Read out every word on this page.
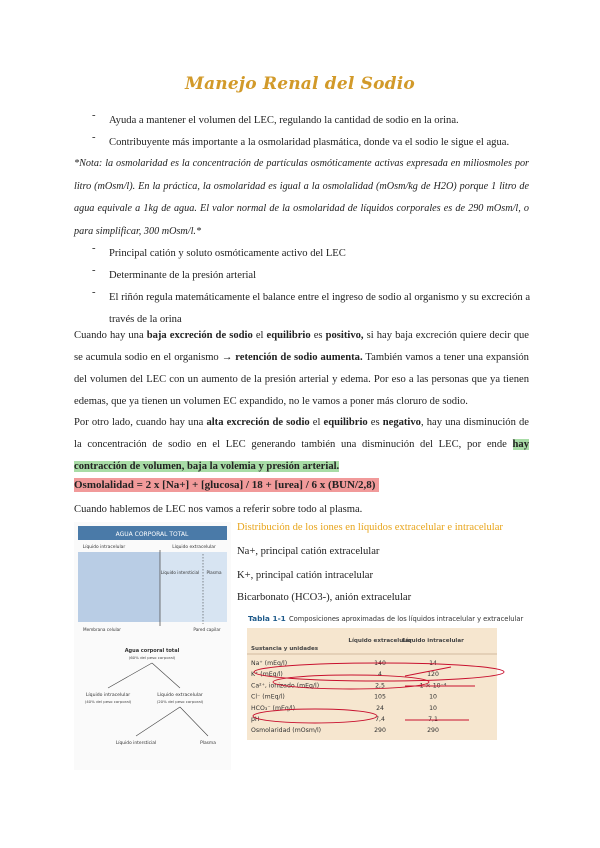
Manejo Renal del Sodio
- Ayuda a mantener el volumen del LEC, regulando la cantidad de sodio en la orina.
- Contribuyente más importante a la osmolaridad plasmática, donde va el sodio le sigue el agua.
*Nota: la osmolaridad es la concentración de partículas osmóticamente activas expresada en miliosmoles por litro (mOsm/l). En la práctica, la osmolaridad es igual a la osmolalidad (mOsm/kg de H2O) porque 1 litro de agua equivale a 1kg de agua. El valor normal de la osmolaridad de líquidos corporales es de 290 mOsm/l, o para simplificar, 300 mOsm/l.*
- Principal catión y soluto osmóticamente activo del LEC
- Determinante de la presión arterial
- El riñón regula matemáticamente el balance entre el ingreso de sodio al organismo y su excreción a través de la orina
Cuando hay una baja excreción de sodio el equilibrio es positivo, si hay baja excreción quiere decir que se acumula sodio en el organismo → retención de sodio aumenta. También vamos a tener una expansión del volumen del LEC con un aumento de la presión arterial y edema. Por eso a las personas que ya tienen edemas, que ya tienen un volumen EC expandido, no le vamos a poner más cloruro de sodio.
Por otro lado, cuando hay una alta excreción de sodio el equilibrio es negativo, hay una disminución de la concentración de sodio en el LEC generando también una disminución del LEC, por ende hay contracción de volumen, baja la volemia y presión arterial.
Osmolalidad = 2 x [Na+] + [glucosa] / 18 + [urea] / 6 x (BUN/2,8)
Cuando hablemos de LEC nos vamos a referir sobre todo al plasma.
AGUA CORPORAL TOTAL
Líquido intracelular	Líquido extracelular
Líquido intersticial Plasma
Membrana celular	Pared capilar
Agua corporal total
(60% del peso corporal)
Líquido intracelular
(40% del peso corporal)
Líquido extracelular
(20% del peso corporal)
Líquido intersticial	Plasma
Distribución de los iones en líquidos extracelular e intracelular
Na+, principal catión extracelular
K+, principal catión intracelular
Bicarbonato (HCO3-), anión extracelular
Tabla 1-1 Composiciones aproximadas de los líquidos intracelular y extracelular
Sustancia y unidades
Líquido extracelular
Líquido intracelular
Na⁺ (mEq/l)	140	14
K⁺ (mEq/l)	4	120
Ca²⁺, ionizado (mEq/l)	2,5	1 × 10⁻⁴
Cl⁻ (mEq/l)	105	10
HCO₃⁻ (mEq/l)	24	10
pH	7,4	7,1
Osmolaridad (mOsm/l)	290	290
